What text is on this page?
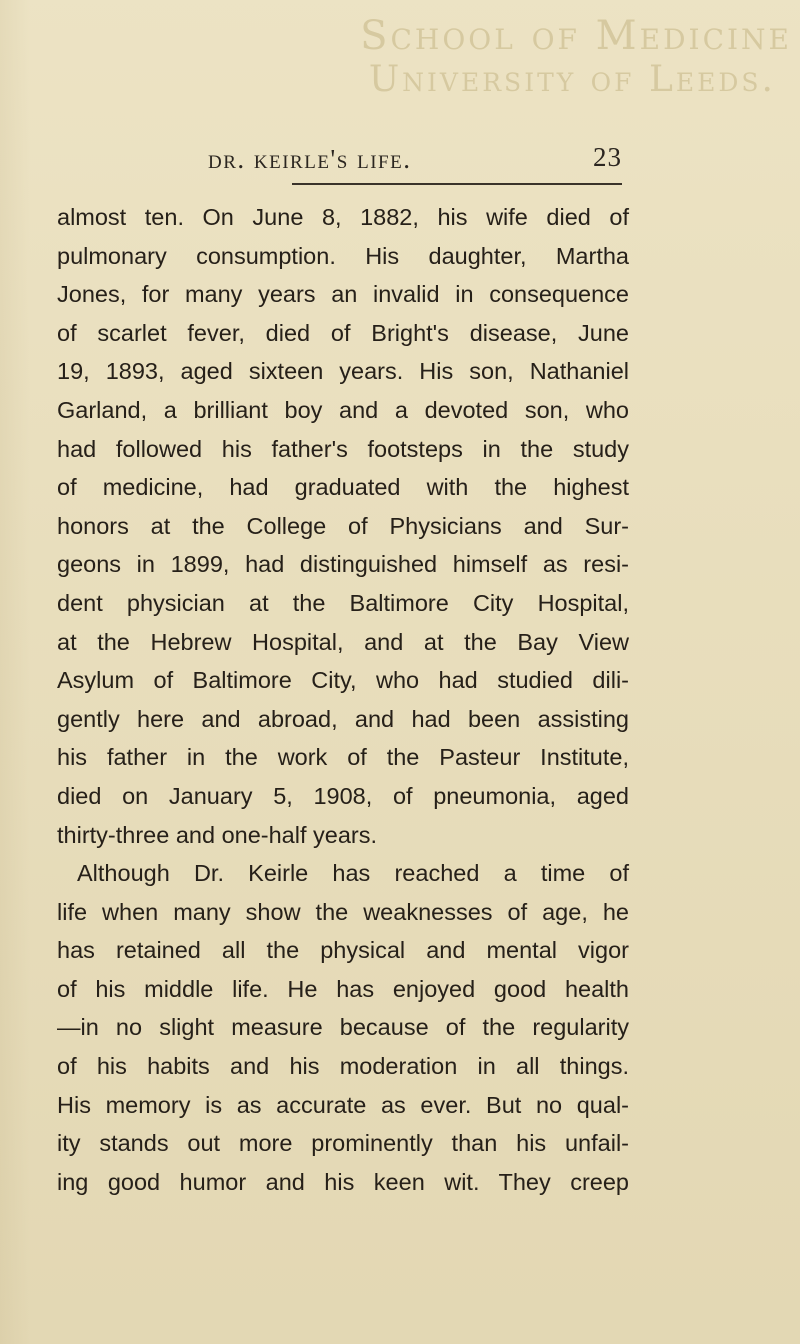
School of Medicine
University of Leeds.
dr. keirle's life.	23
almost ten. On June 8, 1882, his wife died of
pulmonary consumption. His daughter, Martha
Jones, for many years an invalid in consequence
of scarlet fever, died of Bright's disease, June
19, 1893, aged sixteen years. His son, Nathaniel
Garland, a brilliant boy and a devoted son, who
had followed his father's footsteps in the study
of medicine, had graduated with the highest
honors at the College of Physicians and Sur-
geons in 1899, had distinguished himself as resi-
dent physician at the Baltimore City Hospital,
at the Hebrew Hospital, and at the Bay View
Asylum of Baltimore City, who had studied dili-
gently here and abroad, and had been assisting
his father in the work of the Pasteur Institute,
died on January 5, 1908, of pneumonia, aged
thirty-three and one-half years.
Although Dr. Keirle has reached a time of
life when many show the weaknesses of age, he
has retained all the physical and mental vigor
of his middle life. He has enjoyed good health
—in no slight measure because of the regularity
of his habits and his moderation in all things.
His memory is as accurate as ever. But no qual-
ity stands out more prominently than his unfail-
ing good humor and his keen wit. They creep
